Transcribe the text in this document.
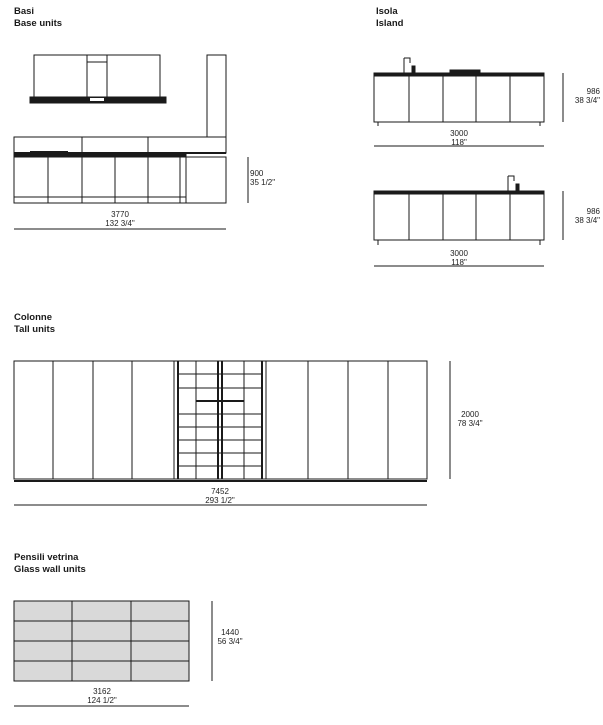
Basi
Base units

Isola
Island

Colonne
Tall units

Pensili vetrina
Glass wall units

3770
132 3/4"
900
35 1/2"
3000
118"
986
38 3/4"
3000
118"
986
38 3/4"
7452
293 1/2"
2000
78 3/4"
3162
124 1/2"
1440
56 3/4"
